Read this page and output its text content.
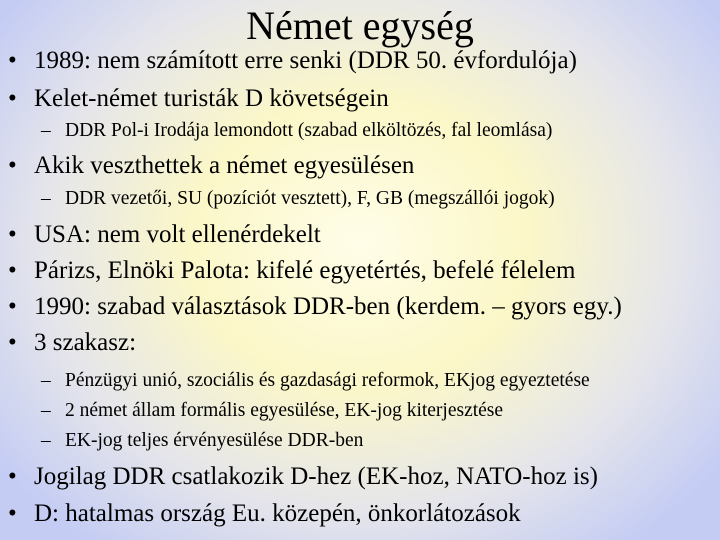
Német egység
• 1989: nem számított erre senki (DDR 50. évfordulója)
• Kelet-német turisták D követségein
– DDR Pol-i Irodája lemondott (szabad elköltözés, fal leomlása)
• Akik veszthettek a német egyesülésen
– DDR vezetői, SU (pozíciót vesztett), F, GB (megszállói jogok)
• USA: nem volt ellenérdekelt
• Párizs, Elnöki Palota: kifelé egyetértés, befelé félelem
• 1990: szabad választások DDR-ben (kerdem. – gyors egy.)
• 3 szakasz:
– Pénzügyi unió, szociális és gazdasági reformok, EKjog egyeztetése
– 2 német állam formális egyesülése, EK-jog kiterjesztése
– EK-jog teljes érvényesülése DDR-ben
• Jogilag DDR csatlakozik D-hez (EK-hoz, NATO-hoz is)
• D: hatalmas ország Eu. közepén, önkorlátozások
